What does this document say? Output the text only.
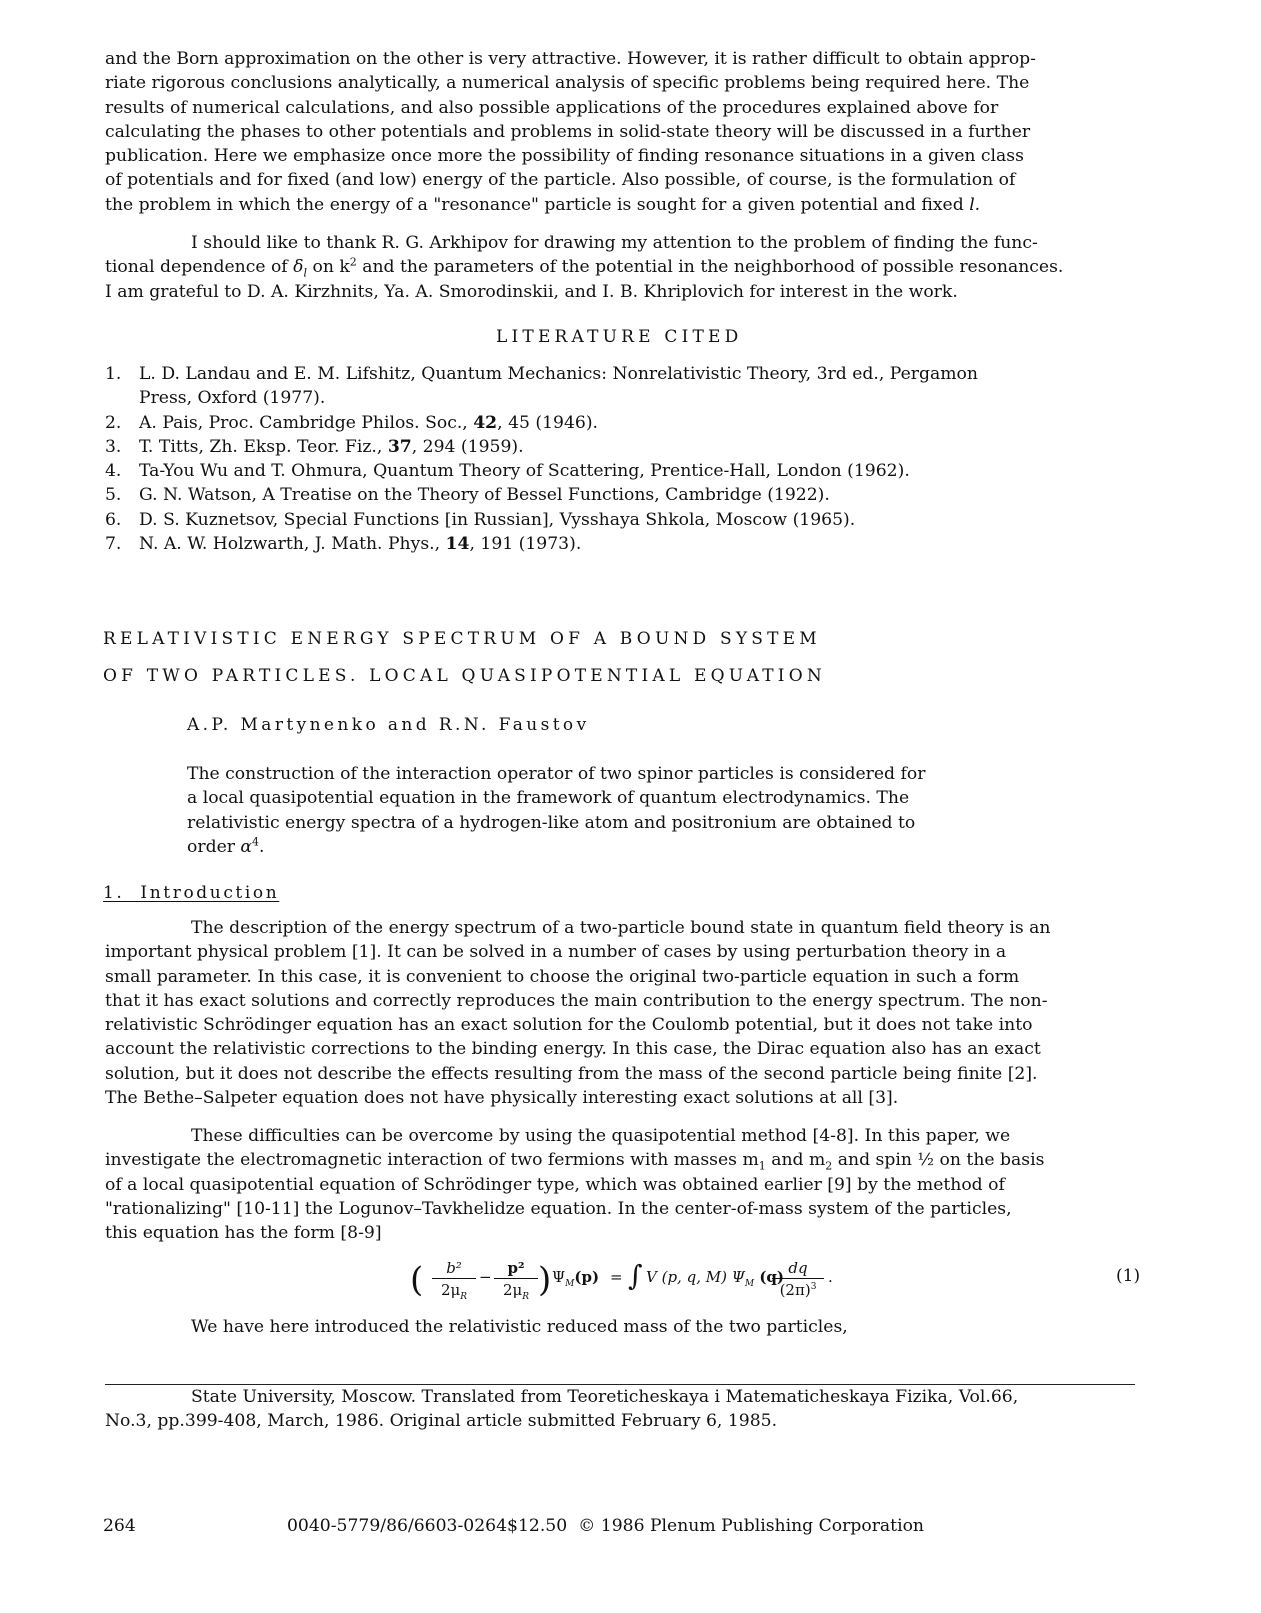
and the Born approximation on the other is very attractive. However, it is rather difficult to obtain approp-
riate rigorous conclusions analytically, a numerical analysis of specific problems being required here. The
results of numerical calculations, and also possible applications of the procedures explained above for
calculating the phases to other potentials and problems in solid-state theory will be discussed in a further
publication. Here we emphasize once more the possibility of finding resonance situations in a given class
of potentials and for fixed (and low) energy of the particle. Also possible, of course, is the formulation of
the problem in which the energy of a "resonance" particle is sought for a given potential and fixed l.
I should like to thank R. G. Arkhipov for drawing my attention to the problem of finding the func-
tional dependence of $\delta_l$ on $k^2$ and the parameters of the potential in the neighborhood of possible resonances.
I am grateful to D. A. Kirzhnits, Ya. A. Smorodinskii, and I. B. Khriplovich for interest in the work.
LITERATURE CITED
1.	L. D. Landau and E. M. Lifshitz, Quantum Mechanics: Nonrelativistic Theory, 3rd ed., Pergamon
Press, Oxford (1977).
2.	A. Pais, Proc. Cambridge Philos. Soc., 42, 45 (1946).
3.	T. Titts, Zh. Eksp. Teor. Fiz., 37, 294 (1959).
4.	Ta-You Wu and T. Ohmura, Quantum Theory of Scattering, Prentice-Hall, London (1962).
5.	G. N. Watson, A Treatise on the Theory of Bessel Functions, Cambridge (1922).
6.	D. S. Kuznetsov, Special Functions [in Russian], Vysshaya Shkola, Moscow (1965).
7.	N. A. W. Holzwarth, J. Math. Phys., 14, 191 (1973).
RELATIVISTIC ENERGY SPECTRUM OF A BOUND SYSTEM
OF TWO PARTICLES. LOCAL QUASIPOTENTIAL EQUATION
A.P. Martynenko and R.N. Faustov
The construction of the interaction operator of two spinor particles is considered for
a local quasipotential equation in the framework of quantum electrodynamics. The
relativistic energy spectra of a hydrogen-like atom and positronium are obtained to
order $\alpha^4$.
1.  Introduction
The description of the energy spectrum of a two-particle bound state in quantum field theory is an
important physical problem [1]. It can be solved in a number of cases by using perturbation theory in a
small parameter. In this case, it is convenient to choose the original two-particle equation in such a form
that it has exact solutions and correctly reproduces the main contribution to the energy spectrum. The non-
relativistic Schrödinger equation has an exact solution for the Coulomb potential, but it does not take into
account the relativistic corrections to the binding energy. In this case, the Dirac equation also has an exact
solution, but it does not describe the effects resulting from the mass of the second particle being finite [2].
The Bethe–Salpeter equation does not have physically interesting exact solutions at all [3].
These difficulties can be overcome by using the quasipotential method [4-8]. In this paper, we
investigate the electromagnetic interaction of two fermions with masses $m_1$ and $m_2$ and spin ½ on the basis
of a local quasipotential equation of Schrödinger type, which was obtained earlier [9] by the method of
"rationalizing" [10-11] the Logunov–Tavkhelidze equation. In the center-of-mass system of the particles,
this equation has the form [8-9]
(	b²
$2\mu_R$
−	p²
$2\mu_R$ ) $\Psi_M(p)$ = ∫ V (p, q, M) $\Psi_M$ (q) dq
$(2\pi)^3$
.	(1)
We have here introduced the relativistic reduced mass of the two particles,
State University, Moscow. Translated from Teoreticheskaya i Matematicheskaya Fizika, Vol.66,
No.3, pp.399-408, March, 1986. Original article submitted February 6, 1985.
264	0040-5779/86/6603-0264$12.50 © 1986 Plenum Publishing Corporation
